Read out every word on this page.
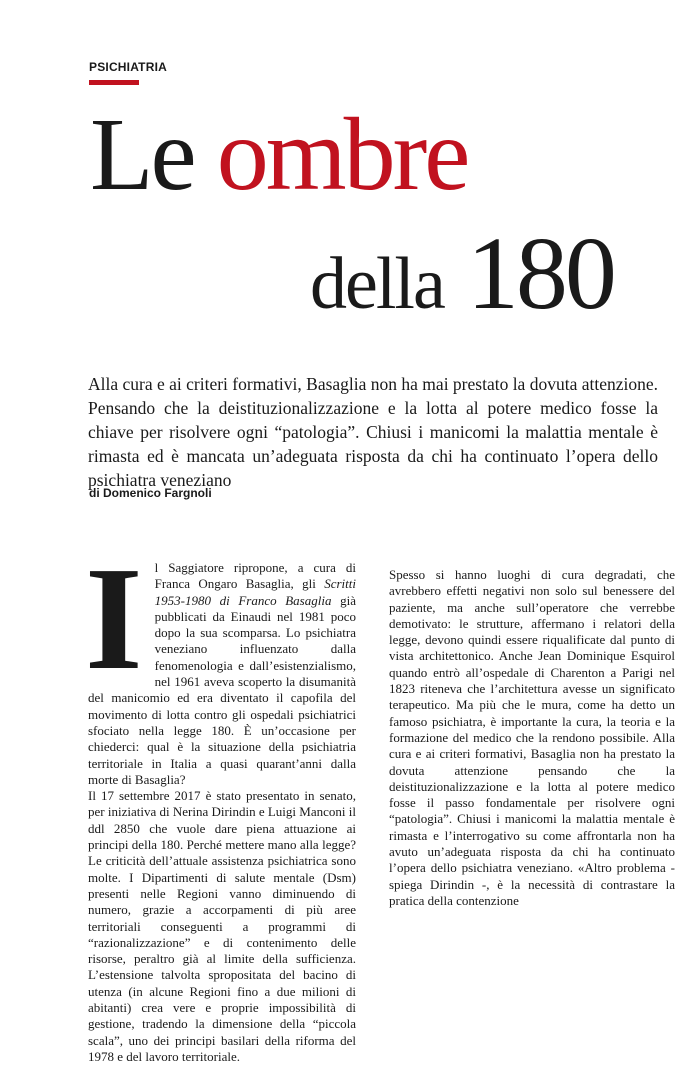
PSICHIATRIA
Le ombre
della 180
Alla cura e ai criteri formativi, Basaglia non ha mai prestato la dovuta attenzione. Pensando che la deistituzionalizzazione e la lotta al potere medico fosse la chiave per risolvere ogni “patologia”. Chiusi i manicomi la malattia mentale è rimasta ed è mancata un’adeguata risposta da chi ha continuato l’opera dello psichiatra veneziano
di Domenico Fargnoli

Il Saggiatore ripropone, a cura di Franca Ongaro Basaglia, gli Scritti 1953-1980 di Franco Basaglia già pubblicati da Einaudi nel 1981 poco dopo la sua scomparsa. Lo psichiatra veneziano influenzato dalla fenomenologia e dall’esistenzialismo, nel 1961 aveva scoperto la disumanità del manicomio ed era diventato il capofila del movimento di lotta contro gli ospedali psichiatrici sfociato nella legge 180. È un’occasione per chiederci: qual è la situazione della psichiatria territoriale in Italia a quasi quarant’anni dalla morte di Basaglia?

Il 17 settembre 2017 è stato presentato in senato, per iniziativa di Nerina Dirindin e Luigi Manconi il ddl 2850 che vuole dare piena attuazione ai principi della 180. Perché mettere mano alla legge? Le criticità dell’attuale assistenza psichiatrica sono molte. I Dipartimenti di salute mentale (Dsm) presenti nelle Regioni vanno diminuendo di numero, grazie a accorpamenti di più aree territoriali conseguenti a programmi di “razionalizzazione” e di contenimento delle risorse, peraltro già al limite della sufficienza. L’estensione talvolta spropositata del bacino di utenza (in alcune Regioni fino a due milioni di abitanti) crea vere e proprie impossibilità di gestione, tradendo la dimensione della “piccola scala”, uno dei principi basilari della riforma del 1978 e del lavoro territoriale.

Spesso si hanno luoghi di cura degradati, che avrebbero effetti negativi non solo sul benessere del paziente, ma anche sull’operatore che verrebbe demotivato: le strutture, affermano i relatori della legge, devono quindi essere riqualificate dal punto di vista architettonico. Anche Jean Dominique Esquirol quando entrò all’ospedale di Charenton a Parigi nel 1823 riteneva che l’architettura avesse un significato terapeutico. Ma più che le mura, come ha detto un famoso psichiatra, è importante la cura, la teoria e la formazione del medico che la rendono possibile. Alla cura e ai criteri formativi, Basaglia non ha prestato la dovuta attenzione pensando che la deistituzionalizzazione e la lotta al potere medico fosse il passo fondamentale per risolvere ogni “patologia”. Chiusi i manicomi la malattia mentale è rimasta e l’interrogativo su come affrontarla non ha avuto un’adeguata risposta da chi ha continuato l’opera dello psichiatra veneziano. «Altro problema - spiega Dirindin -, è la necessità di contrastare la pratica della contenzione
